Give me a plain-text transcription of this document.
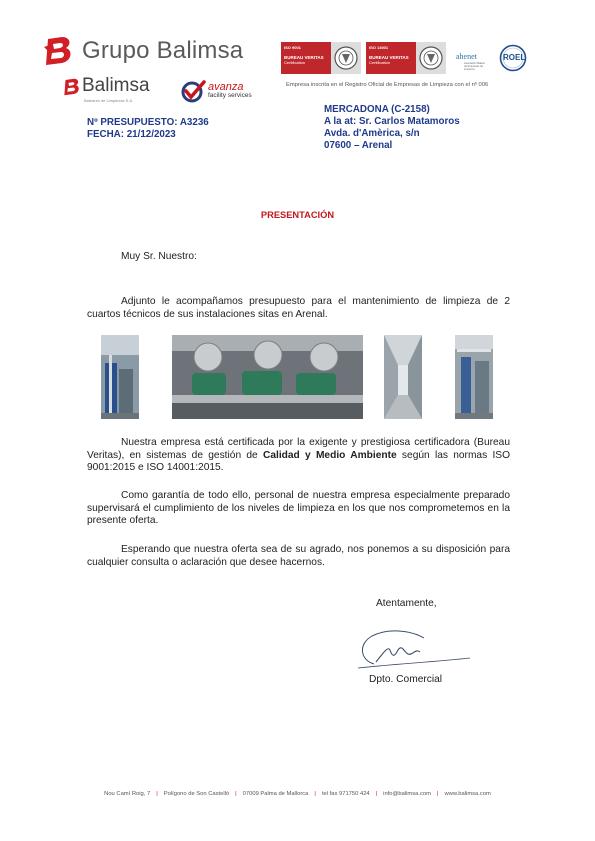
Grupo Balimsa
Balimsa
Baleares de Limpiezas S.A.
avanza
facility services
ISO 9001
BUREAU VERITAS
Certification
ISO 14001
BUREAU VERITAS
Certification
ahenet
Asociación Balear de Empresas de Limpieza
ROEL
Empresa inscrita en el Registro Oficial de Empresas de Limpieza con el nº 006
Nº PRESUPUESTO: A3236
FECHA: 21/12/2023
MERCADONA (C-2158)
A la at: Sr. Carlos Matamoros
Avda. d'Amèrica, s/n
07600 – Arenal
PRESENTACIÓN
Muy Sr. Nuestro:
Adjunto le acompañamos presupuesto para el mantenimiento de limpieza de 2 cuartos técnicos de sus instalaciones sitas en Arenal.
Nuestra empresa está certificada por la exigente y prestigiosa certificadora (Bureau Veritas), en sistemas de gestión de Calidad y Medio Ambiente según las normas ISO 9001:2015 e ISO 14001:2015.
Como garantía de todo ello, personal de nuestra empresa especialmente preparado supervisará el cumplimiento de los niveles de limpieza en los que nos comprometemos en la presente oferta.
Esperando que nuestra oferta sea de su agrado, nos ponemos a su disposición para cualquier consulta o aclaración que desee hacernos.
Atentamente,
Dpto. Comercial
Nou Camí Roig, 7 | Polígono de Son Castelló | 07009 Palma de Mallorca | tel fax 971750 424 | info@balimsa.com | www.balimsa.com
